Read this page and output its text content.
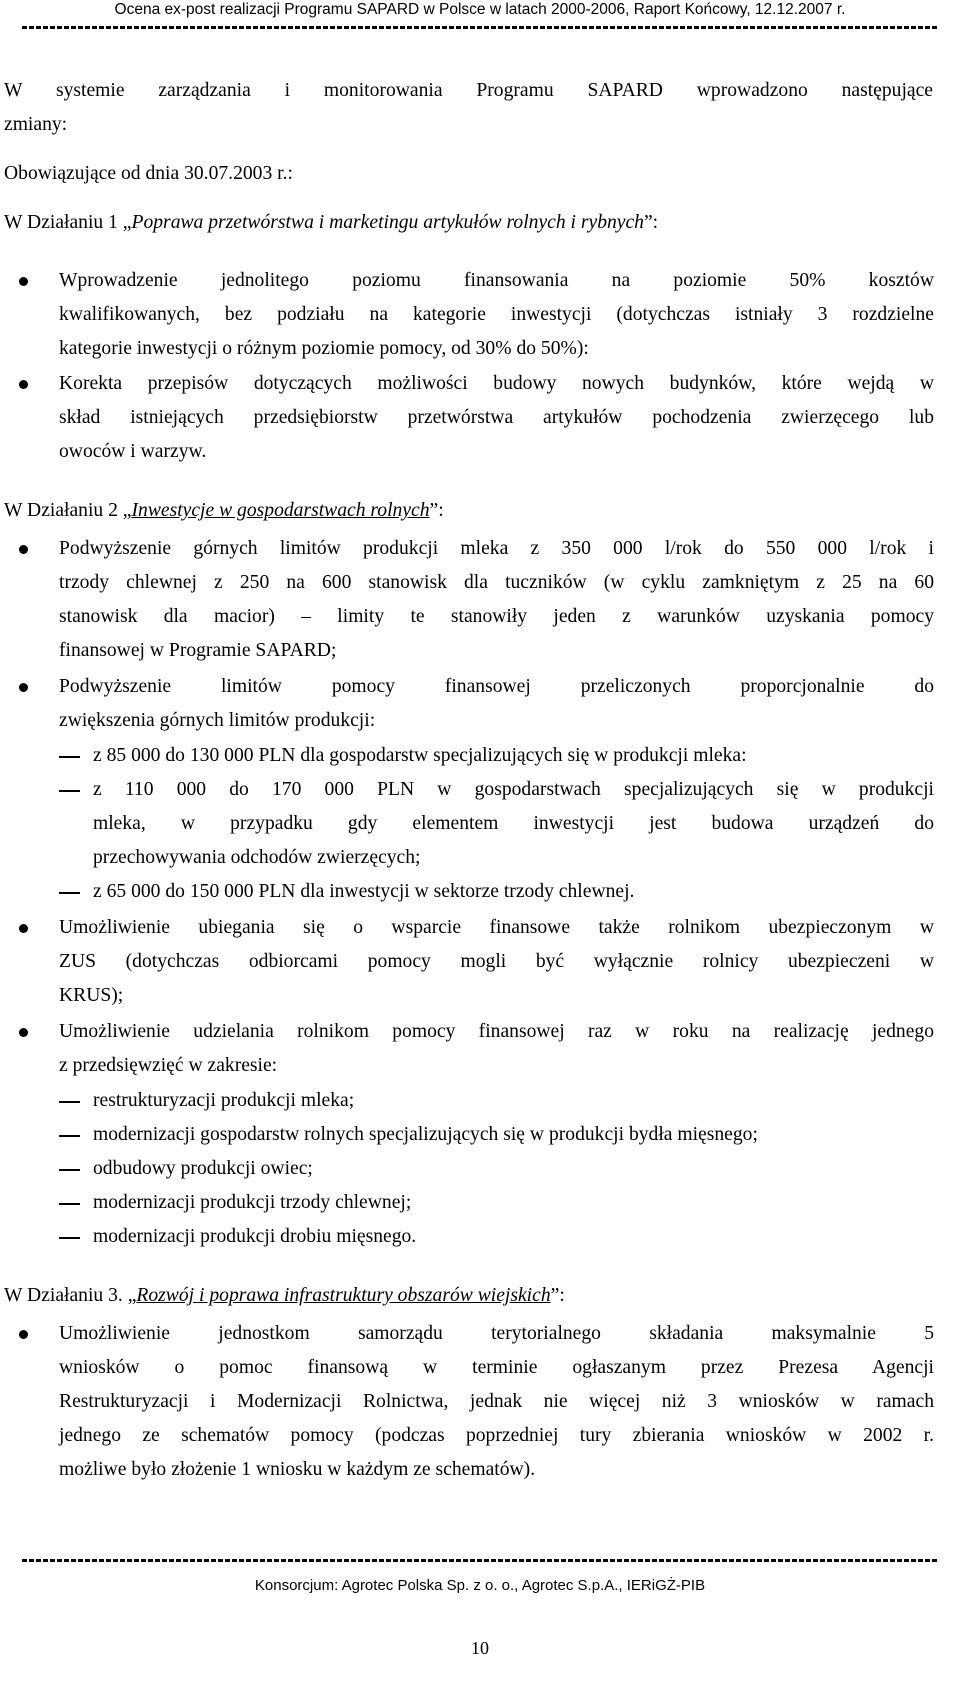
Ocena ex-post realizacji Programu SAPARD w Polsce w latach 2000-2006, Raport Końcowy, 12.12.2007 r.
W systemie zarządzania i monitorowania Programu SAPARD wprowadzono następujące
zmiany:
Obowiązujące od dnia 30.07.2003 r.:
W Działaniu 1 „Poprawa przetwórstwa i marketingu artykułów rolnych i rybnych”:
Wprowadzenie jednolitego poziomu finansowania na poziomie 50% kosztów
kwalifikowanych, bez podziału na kategorie inwestycji (dotychczas istniały 3 rozdzielne
kategorie inwestycji o różnym poziomie pomocy, od 30% do 50%):
Korekta przepisów dotyczących możliwości budowy nowych budynków, które wejdą w
skład istniejących przedsiębiorstw przetwórstwa artykułów pochodzenia zwierzęcego lub
owoców i warzyw.
W Działaniu 2 „Inwestycje w gospodarstwach rolnych”:
Podwyższenie górnych limitów produkcji mleka z 350 000 l/rok do 550 000 l/rok i
trzody chlewnej z 250 na 600 stanowisk dla tuczników (w cyklu zamkniętym z 25 na 60
stanowisk dla macior) – limity te stanowiły jeden z warunków uzyskania pomocy
finansowej w Programie SAPARD;
Podwyższenie limitów pomocy finansowej przeliczonych proporcjonalnie do
zwiększenia górnych limitów produkcji:
z 85 000 do 130 000 PLN dla gospodarstw specjalizujących się w produkcji mleka:
z 110 000 do 170 000 PLN w gospodarstwach specjalizujących się w produkcji
mleka, w przypadku gdy elementem inwestycji jest budowa urządzeń do
przechowywania odchodów zwierzęcych;
z 65 000 do 150 000 PLN dla inwestycji w sektorze trzody chlewnej.
Umożliwienie ubiegania się o wsparcie finansowe także rolnikom ubezpieczonym w
ZUS (dotychczas odbiorcami pomocy mogli być wyłącznie rolnicy ubezpieczeni w
KRUS);
Umożliwienie udzielania rolnikom pomocy finansowej raz w roku na realizację jednego
z przedsięwzięć w zakresie:
restrukturyzacji produkcji mleka;
modernizacji gospodarstw rolnych specjalizujących się w produkcji bydła mięsnego;
odbudowy produkcji owiec;
modernizacji produkcji trzody chlewnej;
modernizacji produkcji drobiu mięsnego.
W Działaniu 3. „Rozwój i poprawa infrastruktury obszarów wiejskich”:
Umożliwienie jednostkom samorządu terytorialnego składania maksymalnie 5
wniosków o pomoc finansową w terminie ogłaszanym przez Prezesa Agencji
Restrukturyzacji i Modernizacji Rolnictwa, jednak nie więcej niż 3 wniosków w ramach
jednego ze schematów pomocy (podczas poprzedniej tury zbierania wniosków w 2002 r.
możliwe było złożenie 1 wniosku w każdym ze schematów).
Konsorcjum: Agrotec Polska Sp. z o. o., Agrotec S.p.A., IERiGŻ-PIB
10
